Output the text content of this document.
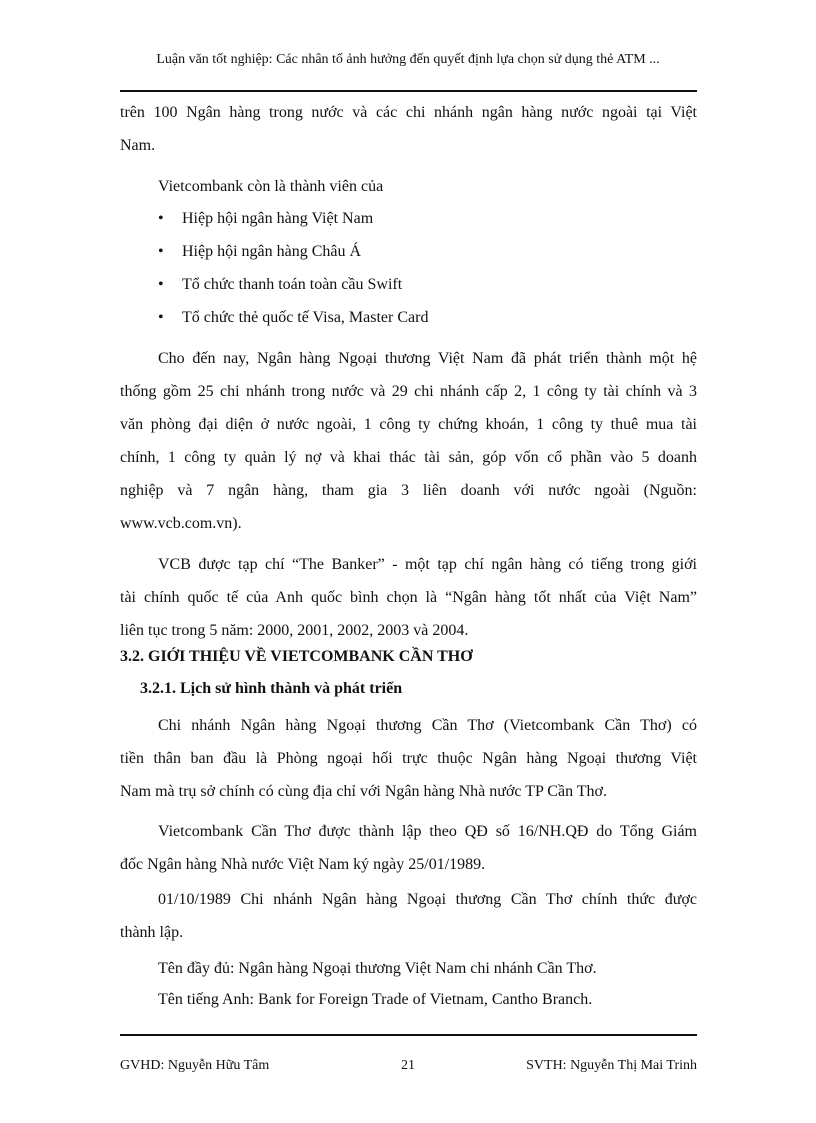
Luận văn tốt nghiệp: Các nhân tố ảnh hưởng đến quyết định lựa chọn sử dụng thẻ ATM ...
trên 100 Ngân hàng trong nước và các chi nhánh ngân hàng nước ngoài tại Việt
Nam.
Vietcombank còn là thành viên của
• Hiệp hội ngân hàng Việt Nam
• Hiệp hội ngân hàng Châu Á
• Tổ chức thanh toán toàn cầu Swift
• Tổ chức thẻ quốc tế Visa, Master Card
Cho đến nay, Ngân hàng Ngoại thương Việt Nam đã phát triển thành một hệ
thống gồm 25 chi nhánh trong nước và 29 chi nhánh cấp 2, 1 công ty tài chính và 3
văn phòng đại diện ở nước ngoài, 1 công ty chứng khoán, 1 công ty thuê mua tài
chính, 1 công ty quản lý nợ và khai thác tài sản, góp vốn cổ phần vào 5 doanh
nghiệp và 7 ngân hàng, tham gia 3 liên doanh với nước ngoài (Nguồn:
www.vcb.com.vn).
VCB được tạp chí “The Banker” - một tạp chí ngân hàng có tiếng trong giới
tài chính quốc tế của Anh quốc bình chọn là “Ngân hàng tốt nhất của Việt Nam”
liên tục trong 5 năm: 2000, 2001, 2002, 2003 và 2004.
3.2. GIỚI THIỆU VỀ VIETCOMBANK CẦN THƠ
3.2.1. Lịch sử hình thành và phát triển
Chi nhánh Ngân hàng Ngoại thương Cần Thơ (Vietcombank Cần Thơ) có
tiền thân ban đầu là Phòng ngoại hối trực thuộc Ngân hàng Ngoại thương Việt
Nam mà trụ sở chính có cùng địa chỉ với Ngân hàng Nhà nước TP Cần Thơ.
Vietcombank Cần Thơ được thành lập theo QĐ số 16/NH.QĐ do Tổng Giám
đốc Ngân hàng Nhà nước Việt Nam ký ngày 25/01/1989.
01/10/1989 Chi nhánh Ngân hàng Ngoại thương Cần Thơ chính thức được
thành lập.
Tên đầy đủ: Ngân hàng Ngoại thương Việt Nam chi nhánh Cần Thơ.
Tên tiếng Anh: Bank for Foreign Trade of Vietnam, Cantho Branch.
GVHD: Nguyễn Hữu Tâm	21	SVTH: Nguyễn Thị Mai Trinh
